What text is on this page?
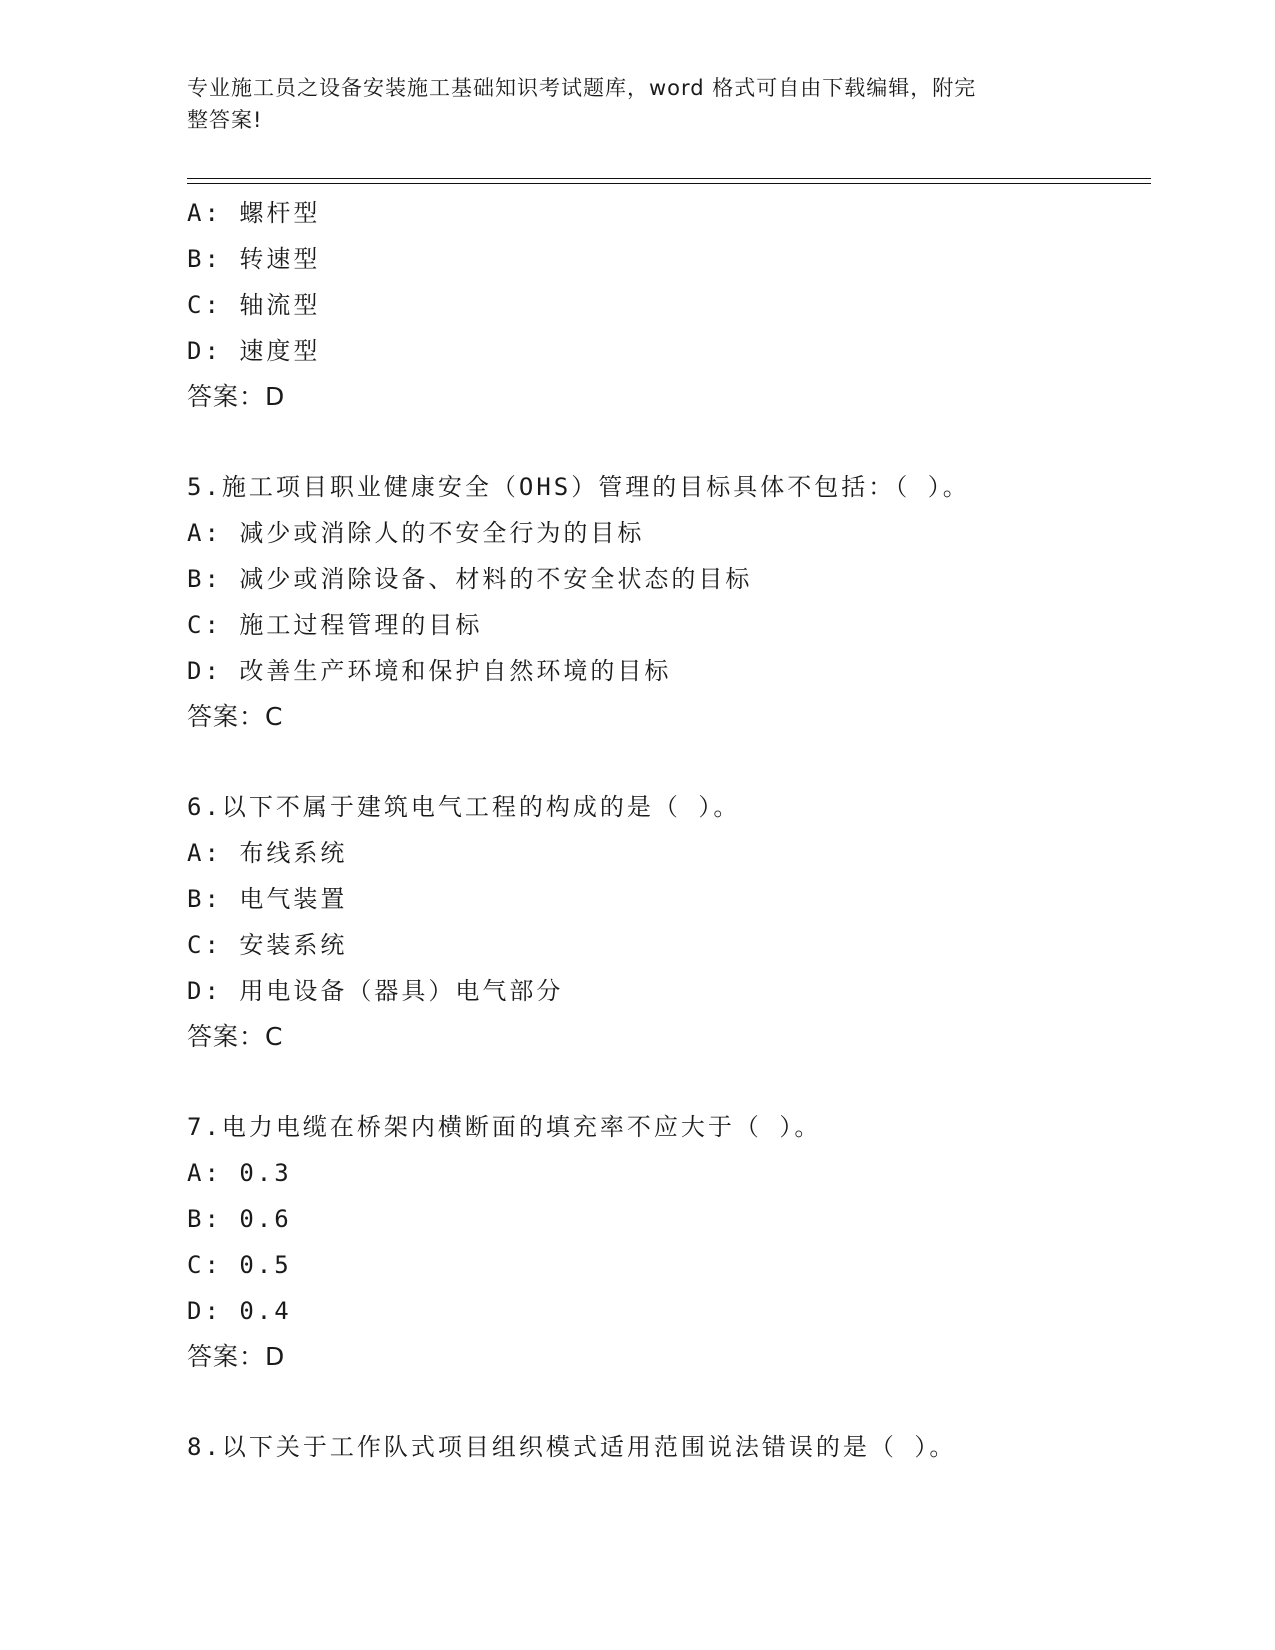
专业施工员之设备安装施工基础知识考试题库，word 格式可自由下载编辑，附完
整答案!
A: 螺杆型
B: 转速型
C: 轴流型
D: 速度型
答案：D
5.施工项目职业健康安全（OHS）管理的目标具体不包括：（ ）。
A: 减少或消除人的不安全行为的目标
B: 减少或消除设备、材料的不安全状态的目标
C: 施工过程管理的目标
D: 改善生产环境和保护自然环境的目标
答案：C
6.以下不属于建筑电气工程的构成的是（ ）。
A: 布线系统
B: 电气装置
C: 安装系统
D: 用电设备（器具）电气部分
答案：C
7.电力电缆在桥架内横断面的填充率不应大于（ ）。
A: 0.3
B: 0.6
C: 0.5
D: 0.4
答案：D
8.以下关于工作队式项目组织模式适用范围说法错误的是（ ）。
